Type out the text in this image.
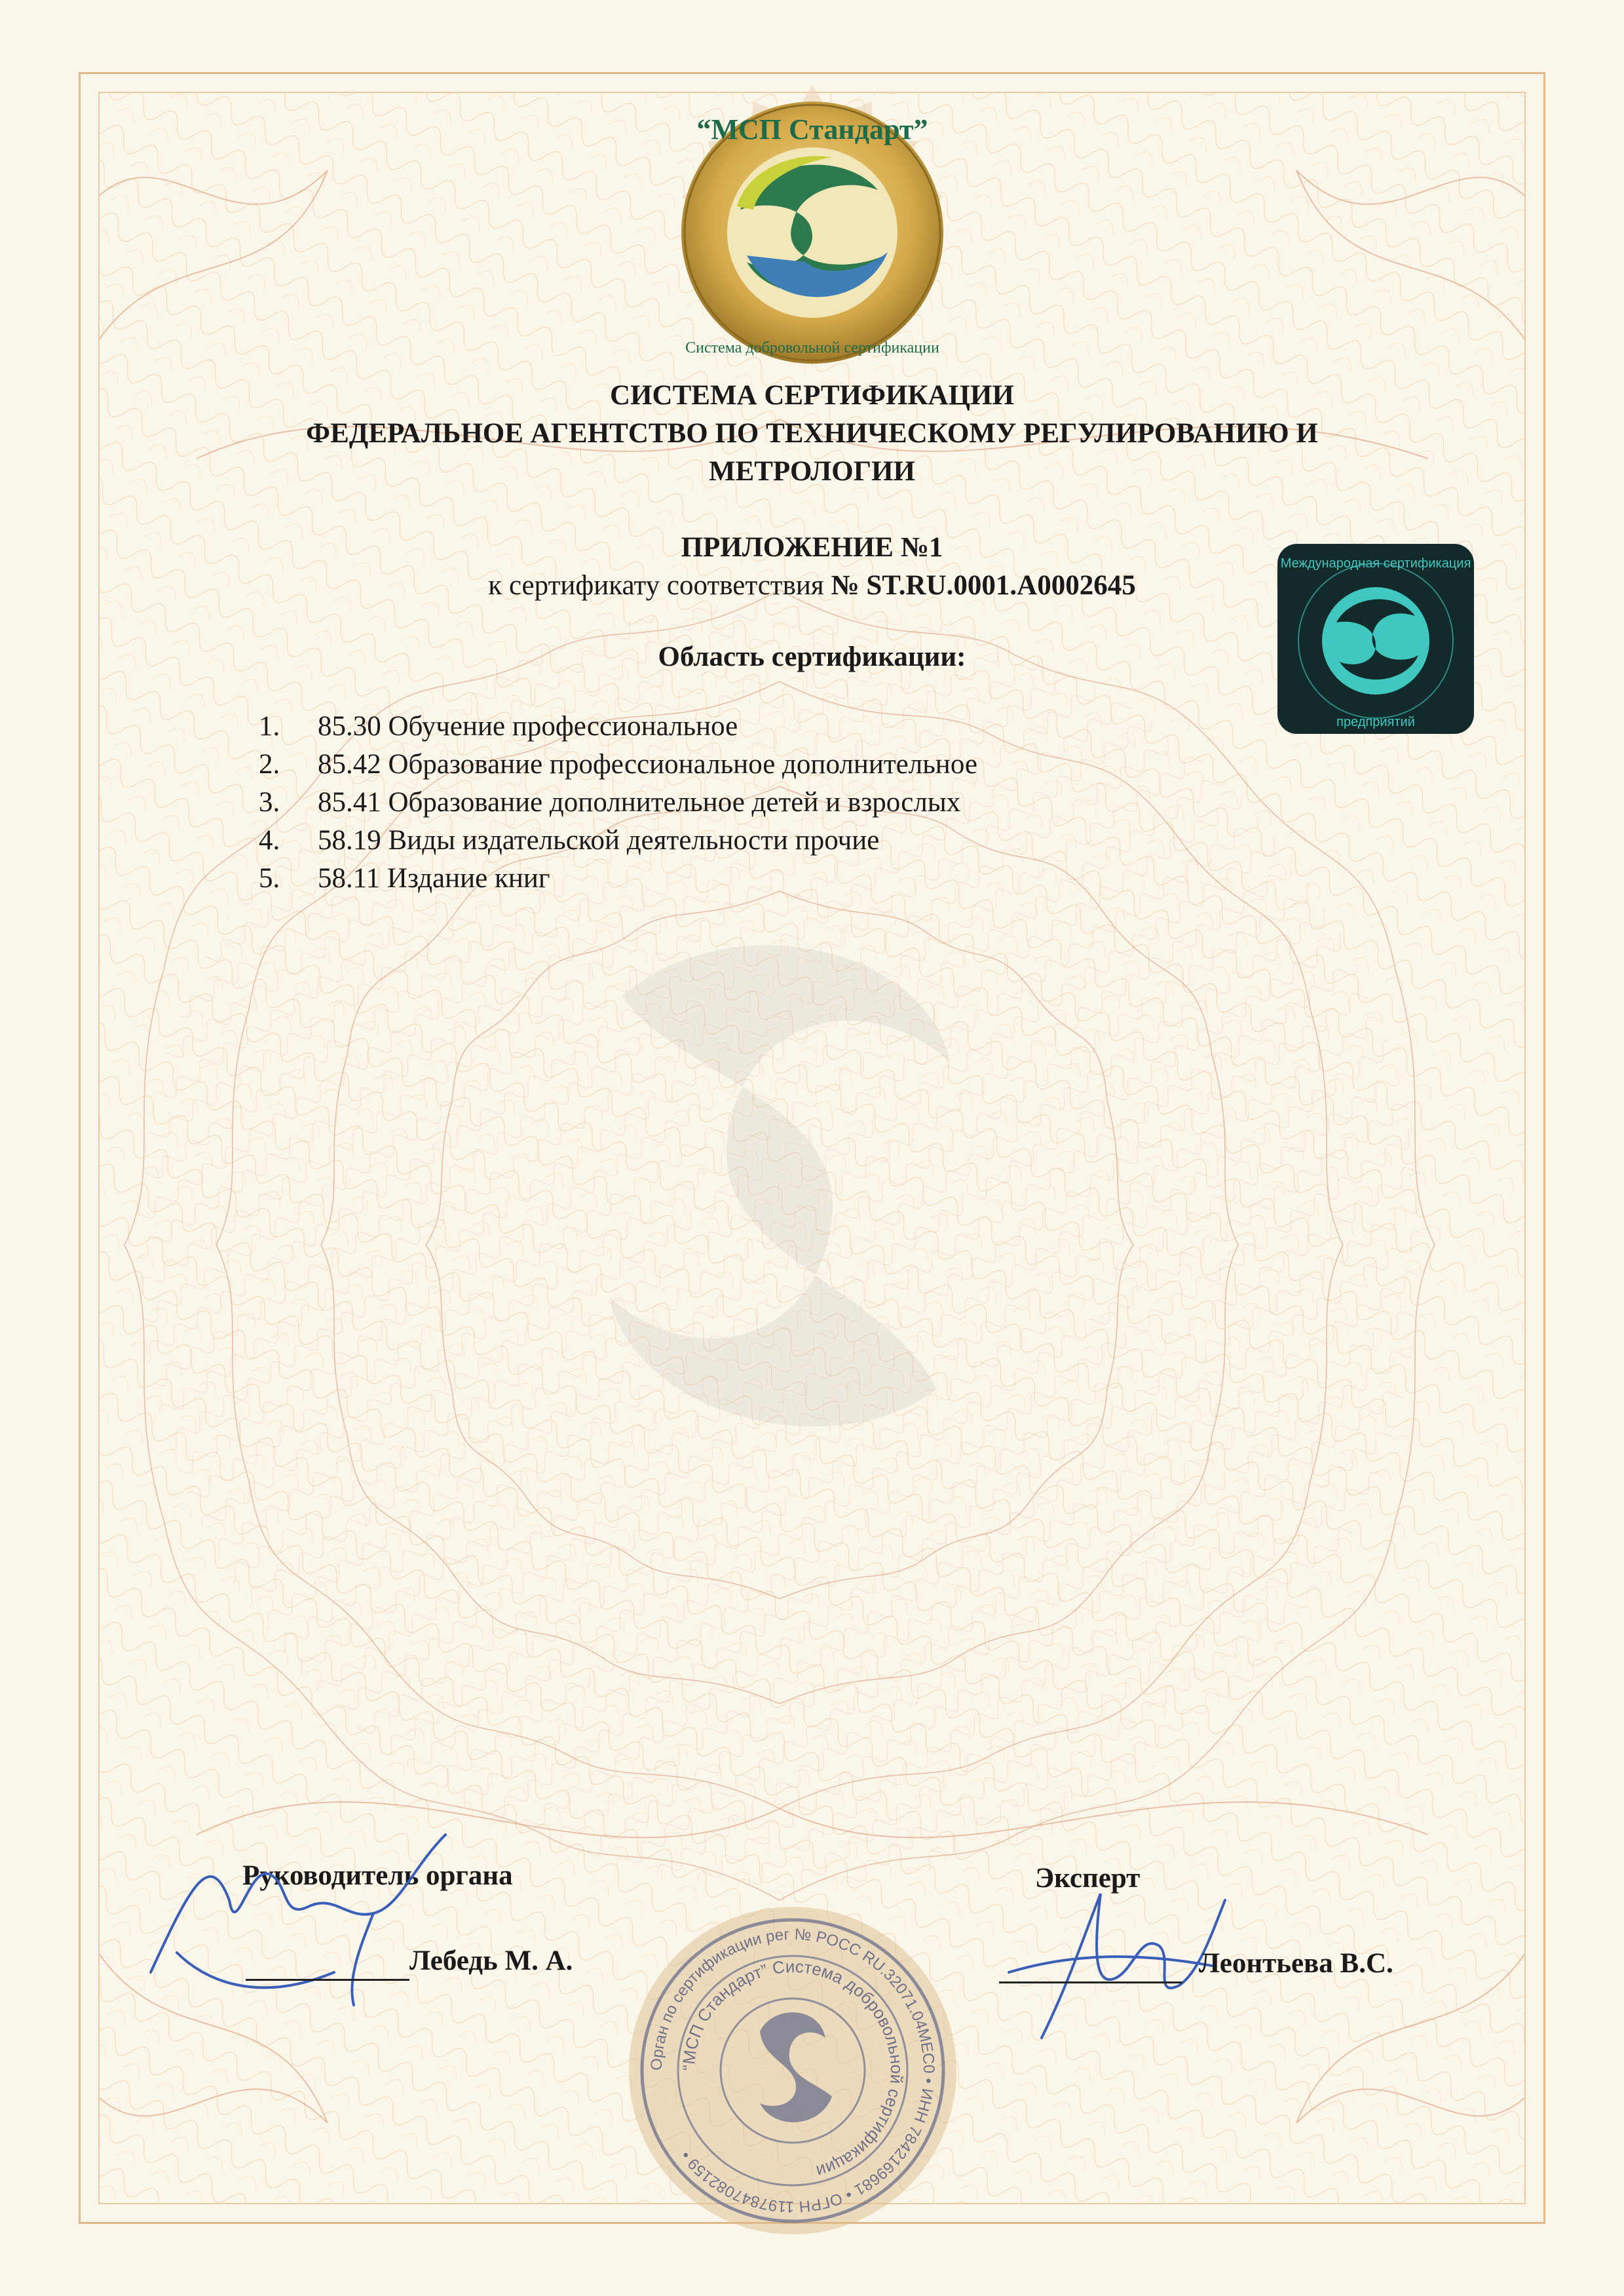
“МСП Стандарт”
Система добровольной сертификации
Международная сертификация
предприятий
СИСТЕМА СЕРТИФИКАЦИИ
ФЕДЕРАЛЬНОЕ АГЕНТСТВО ПО ТЕХНИЧЕСКОМУ РЕГУЛИРОВАНИЮ И
МЕТРОЛОГИИ
ПРИЛОЖЕНИЕ №1
к сертификату соответствия № ST.RU.0001.A0002645
Область сертификации:
1.	85.30 Обучение профессиональное
2.	85.42 Образование профессиональное дополнительное
3.	85.41 Образование дополнительное детей и взрослых
4.	58.19 Виды издательской деятельности прочие
5.	58.11 Издание книг
Руководитель органа
Лебедь М. А.
Эксперт
Леонтьева В.С.
Орган по сертификации рег № РОСС RU.32071.04МЕС0 • ИНН 7842169681 • ОГРН 1197847082159 •
“МСП Стандарт” Система добровольной сертификации
